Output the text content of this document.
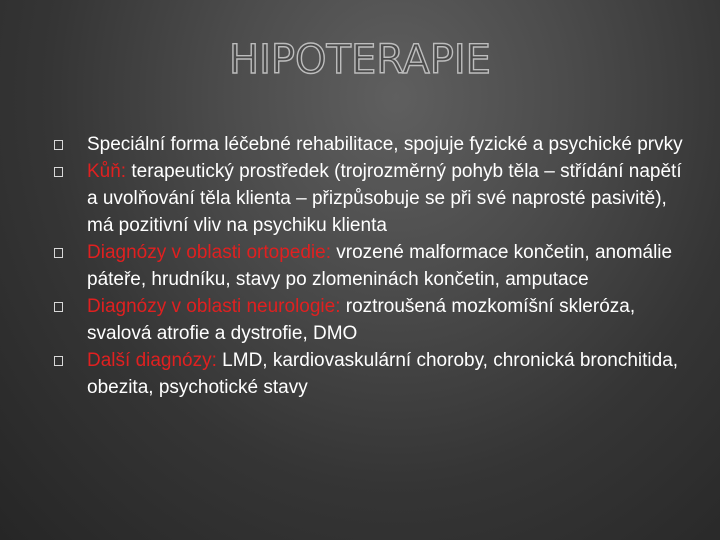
HIPOTERAPIE
Speciální forma léčebné rehabilitace, spojuje fyzické a psychické prvky
Kůň: terapeutický prostředek (trojrozměrný pohyb těla – střídání napětí a uvolňování těla klienta – přizpůsobuje se při své naprosté pasivitě), má pozitivní vliv na psychiku klienta
Diagnózy v oblasti ortopedie: vrozené malformace končetin, anomálie páteře, hrudníku, stavy po zlomeninách končetin, amputace
Diagnózy v oblasti neurologie: roztroušená mozkomíšní skleróza, svalová atrofie a dystrofie, DMO
Další diagnózy: LMD, kardiovaskulární choroby, chronická bronchitida, obezita, psychotické stavy
